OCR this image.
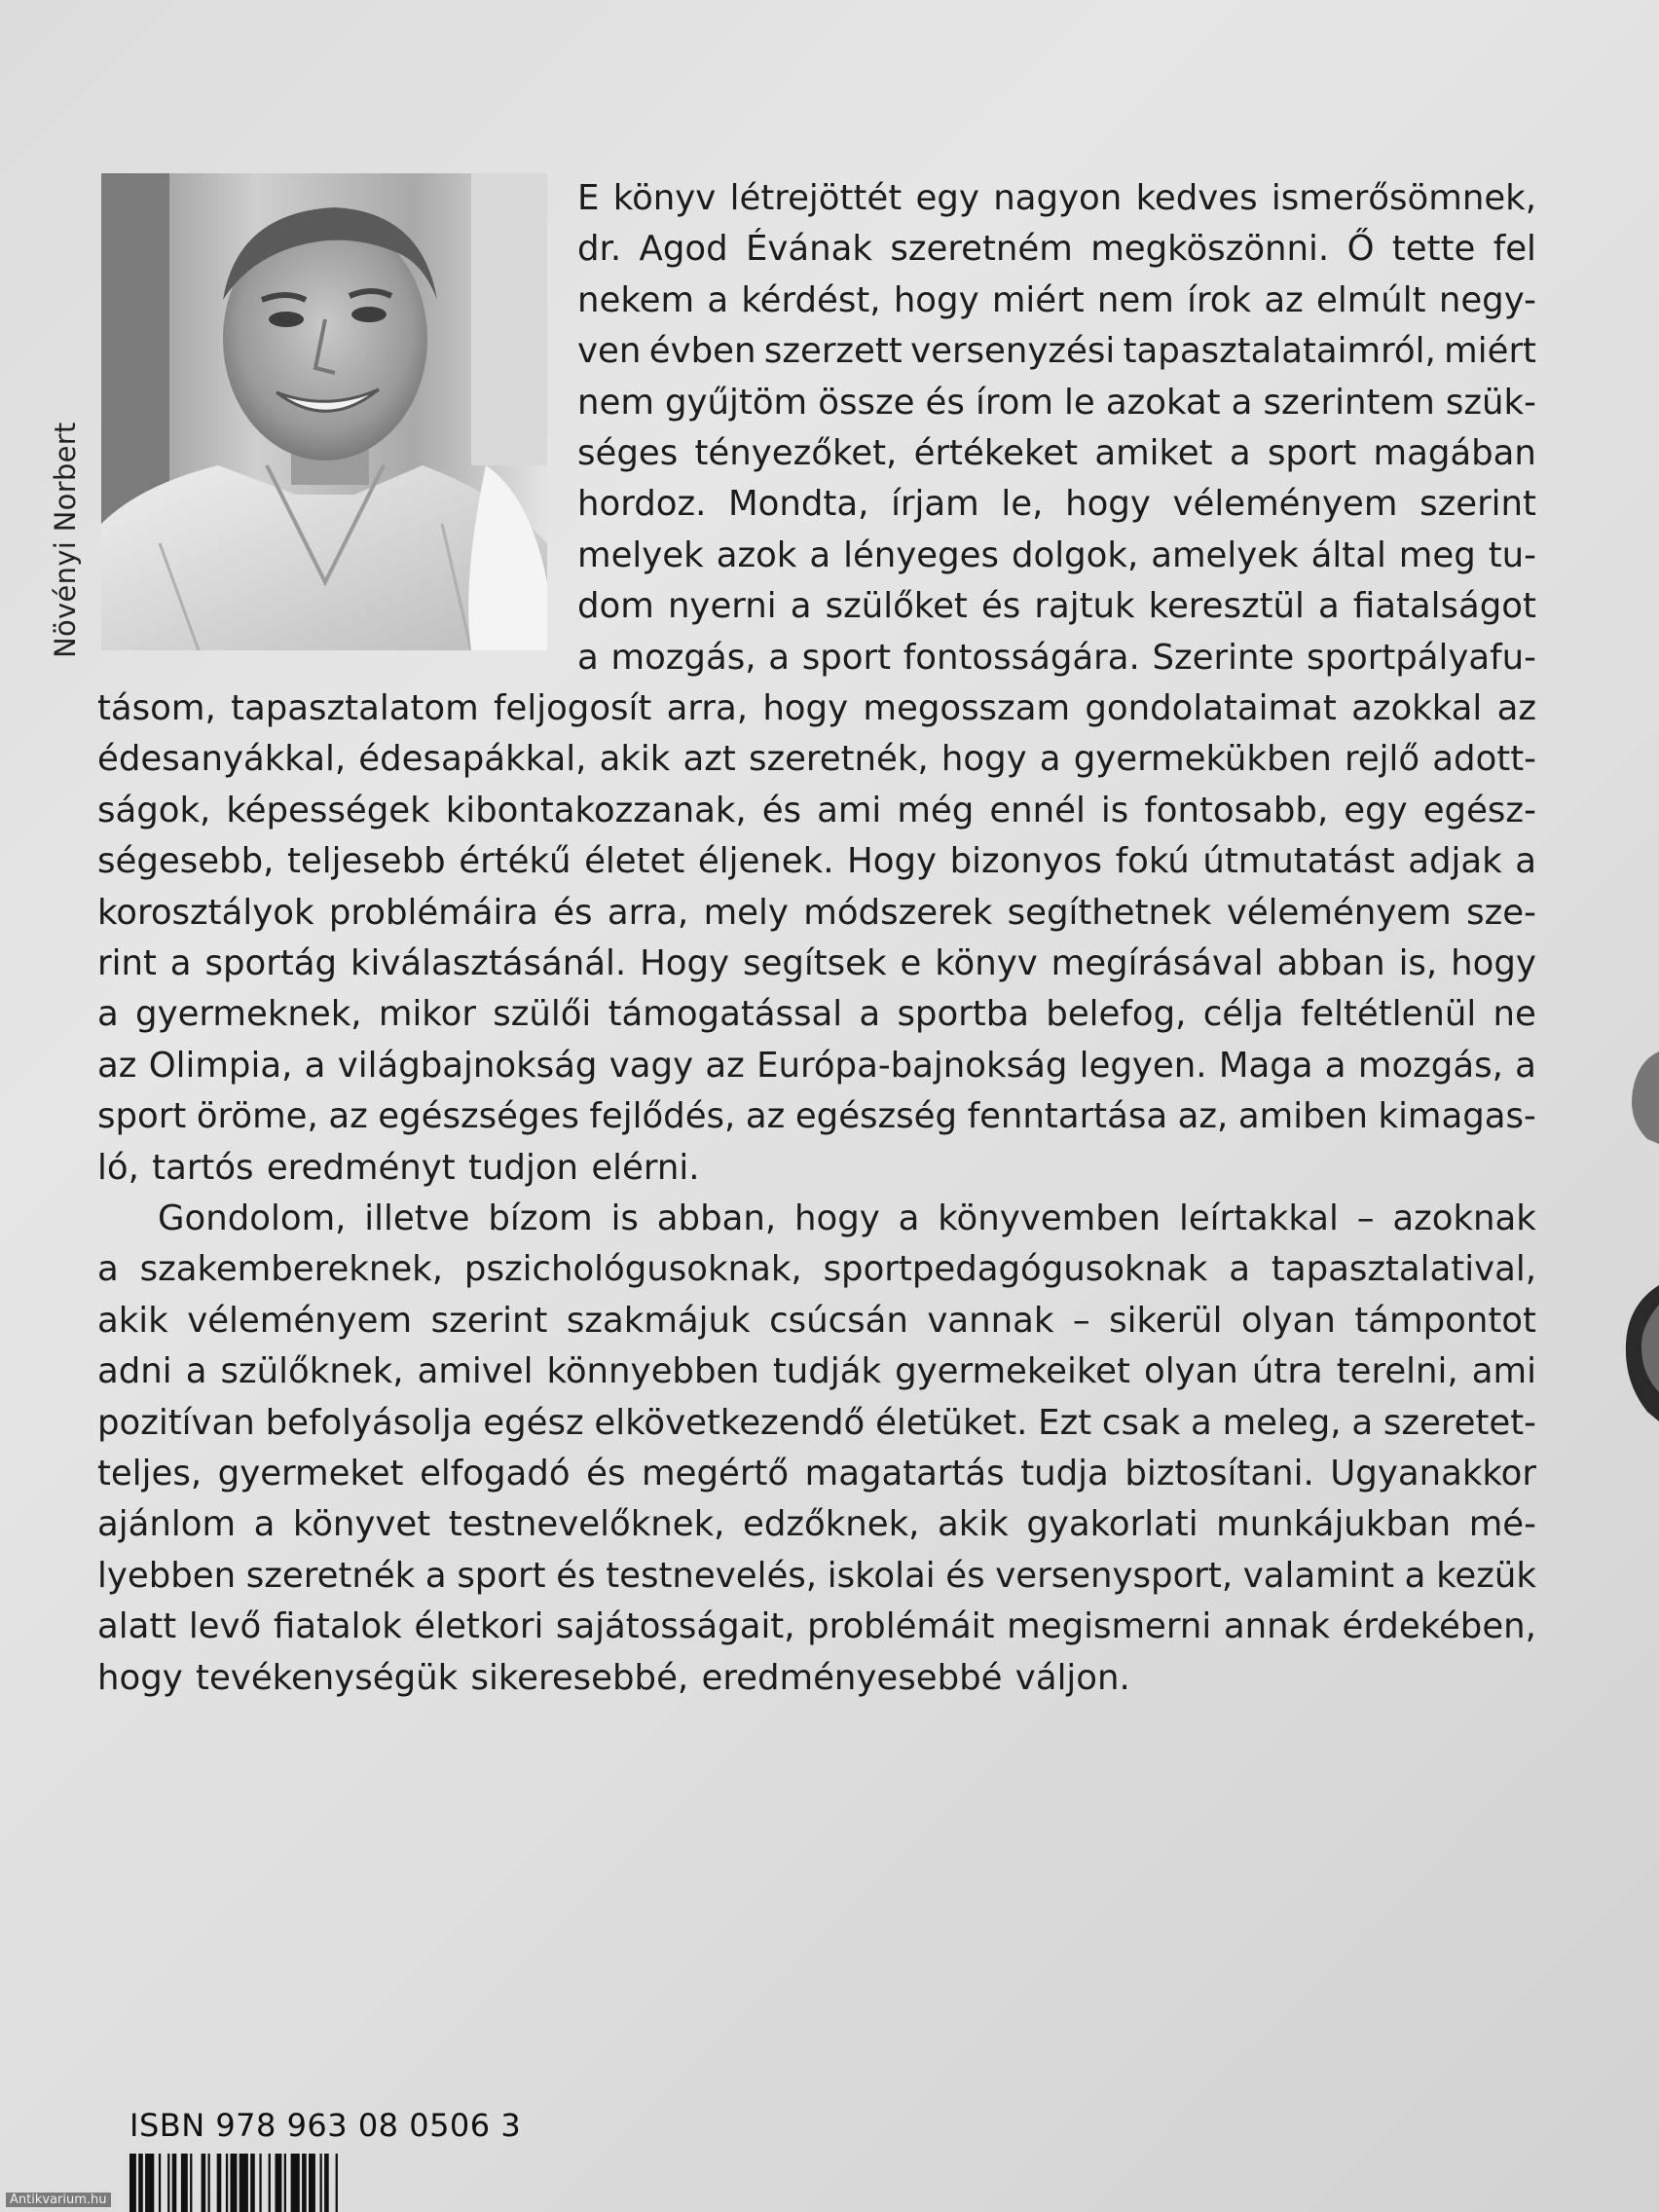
Növényi Norbert
E könyv létrejöttét egy nagyon kedves ismerősömnek,
dr. Agod Évának szeretném megköszönni. Ő tette fel
nekem a kérdést, hogy miért nem írok az elmúlt negy-
ven évben szerzett versenyzési tapasztalataimról, miért
nem gyűjtöm össze és írom le azokat a szerintem szük-
séges tényezőket, értékeket amiket a sport magában
hordoz. Mondta, írjam le, hogy véleményem szerint
melyek azok a lényeges dolgok, amelyek által meg tu-
dom nyerni a szülőket és rajtuk keresztül a fiatalságot
a mozgás, a sport fontosságára. Szerinte sportpályafu-
tásom, tapasztalatom feljogosít arra, hogy megosszam gondolataimat azokkal az
édesanyákkal, édesapákkal, akik azt szeretnék, hogy a gyermekükben rejlő adott-
ságok, képességek kibontakozzanak, és ami még ennél is fontosabb, egy egész-
ségesebb, teljesebb értékű életet éljenek. Hogy bizonyos fokú útmutatást adjak a
korosztályok problémáira és arra, mely módszerek segíthetnek véleményem sze-
rint a sportág kiválasztásánál. Hogy segítsek e könyv megírásával abban is, hogy
a gyermeknek, mikor szülői támogatással a sportba belefog, célja feltétlenül ne
az Olimpia, a világbajnokság vagy az Európa-bajnokság legyen. Maga a mozgás, a
sport öröme, az egészséges fejlődés, az egészség fenntartása az, amiben kimagas-
ló, tartós eredményt tudjon elérni.
Gondolom, illetve bízom is abban, hogy a könyvemben leírtakkal – azoknak
a szakembereknek, pszichológusoknak, sportpedagógusoknak a tapasztalatival,
akik véleményem szerint szakmájuk csúcsán vannak – sikerül olyan támpontot
adni a szülőknek, amivel könnyebben tudják gyermekeiket olyan útra terelni, ami
pozitívan befolyásolja egész elkövetkezendő életüket. Ezt csak a meleg, a szeretet-
teljes, gyermeket elfogadó és megértő magatartás tudja biztosítani. Ugyanakkor
ajánlom a könyvet testnevelőknek, edzőknek, akik gyakorlati munkájukban mé-
lyebben szeretnék a sport és testnevelés, iskolai és versenysport, valamint a kezük
alatt levő fiatalok életkori sajátosságait, problémáit megismerni annak érdekében,
hogy tevékenységük sikeresebbé, eredményesebbé váljon.
ISBN 978 963 08 0506 3
Antikvarium.hu
